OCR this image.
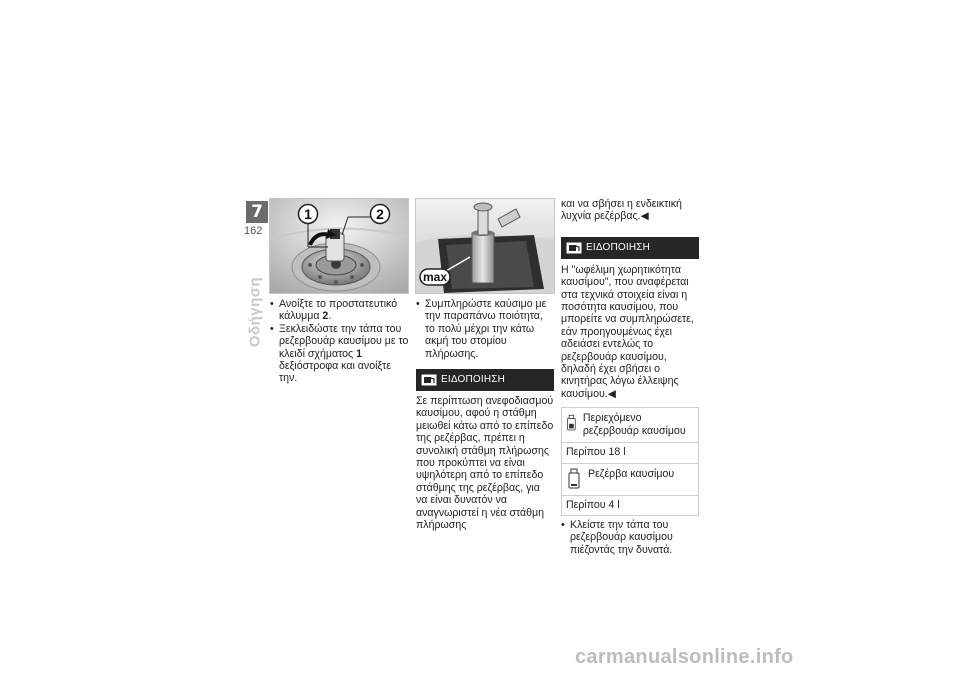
7
162
Οδήγηση
1	2
max
• Ανοίξτε το προστατευτικό κάλυμμα 2.
• Ξεκλειδώστε την τάπα του ρεζερβουάρ καυσίμου με το κλειδί σχήματος 1 δεξιόστροφα και ανοίξτε την.
• Συμπληρώστε καύσιμο με την παραπάνω ποιότητα, το πολύ μέχρι την κάτω ακμή του στομίου πλήρωσης.
ΕΙΔΟΠΟΙΗΣΗ

Σε περίπτωση ανεφοδιασμού καυσίμου, αφού η στάθμη μειωθεί κάτω από το επίπεδο της ρεζέρβας, πρέπει η συνολική στάθμη πλήρωσης που προκύπτει να είναι υψηλότερη από το επίπεδο στάθμης της ρεζέρβας, για να είναι δυνατόν να αναγνωριστεί η νέα στάθμη πλήρωσης

και να σβήσει η ενδεικτική λυχνία ρεζέρβας.◀

ΕΙΔΟΠΟΙΗΣΗ

Η "ωφέλιμη χωρητικότητα καυσίμου", που αναφέρεται στα τεχνικά στοιχεία είναι η ποσότητα καυσίμου, που μπορείτε να συμπληρώσετε, εάν προηγουμένως έχει αδειάσει εντελώς το ρεζερβουάρ καυσίμου, δηλαδή έχει σβήσει ο κινητήρας λόγω έλλειψης καυσίμου.◀

Περιεχόμενο ρεζερβουάρ καυσίμου
Περίπου 18 l
Ρεζέρβα καυσίμου
Περίπου 4 l
• Κλείστε την τάπα του ρεζερβουάρ καυσίμου πιέζοντάς την δυνατά.
carmanualsonline.info
